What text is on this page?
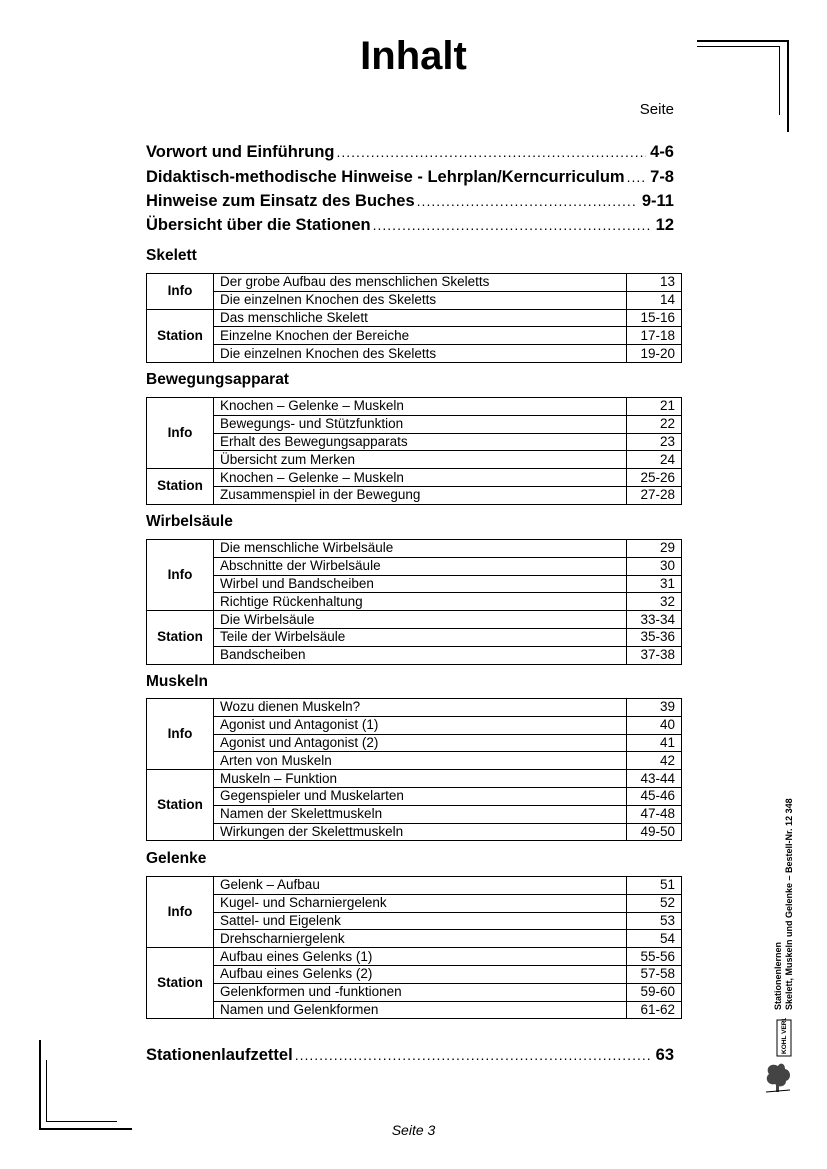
Inhalt
Seite
Vorwort und Einführung .....	4-6
Didaktisch-methodische Hinweise - Lehrplan/Kerncurriculum ..... 7-8
Hinweise zum Einsatz des Buches .....	9-11
Übersicht über die Stationen .....	12
Skelett
Info	Der grobe Aufbau des menschlichen Skeletts	13
	Die einzelnen Knochen des Skeletts	14
Station	Das menschliche Skelett	15-16
	Einzelne Knochen der Bereiche	17-18
	Die einzelnen Knochen des Skeletts	19-20
Bewegungsapparat
Info	Knochen – Gelenke – Muskeln	21
	Bewegungs- und Stützfunktion	22
	Erhalt des Bewegungsapparats	23
	Übersicht zum Merken	24
Station	Knochen – Gelenke – Muskeln	25-26
	Zusammenspiel in der Bewegung	27-28
Wirbelsäule
Info	Die menschliche Wirbelsäule	29
	Abschnitte der Wirbelsäule	30
	Wirbel und Bandscheiben	31
	Richtige Rückenhaltung	32
Station	Die Wirbelsäule	33-34
	Teile der Wirbelsäule	35-36
	Bandscheiben	37-38
Muskeln
Info	Wozu dienen Muskeln?	39
	Agonist und Antagonist (1)	40
	Agonist und Antagonist (2)	41
	Arten von Muskeln	42
Station	Muskeln – Funktion	43-44
	Gegenspieler und Muskelarten	45-46
	Namen der Skelettmuskeln	47-48
	Wirkungen der Skelettmuskeln	49-50
Gelenke
Info	Gelenk – Aufbau	51
	Kugel- und Scharniergelenk	52
	Sattel- und Eigelenk	53
	Drehscharniergelenk	54
Station	Aufbau eines Gelenks (1)	55-56
	Aufbau eines Gelenks (2)	57-58
	Gelenkformen und -funktionen	59-60
	Namen und Gelenkformen	61-62
Stationenlaufzettel .....	63
Stationenlernen Skelett, Muskeln und Gelenke – Bestell-Nr. 12 348
KOHL VERLAG
Seite 3
